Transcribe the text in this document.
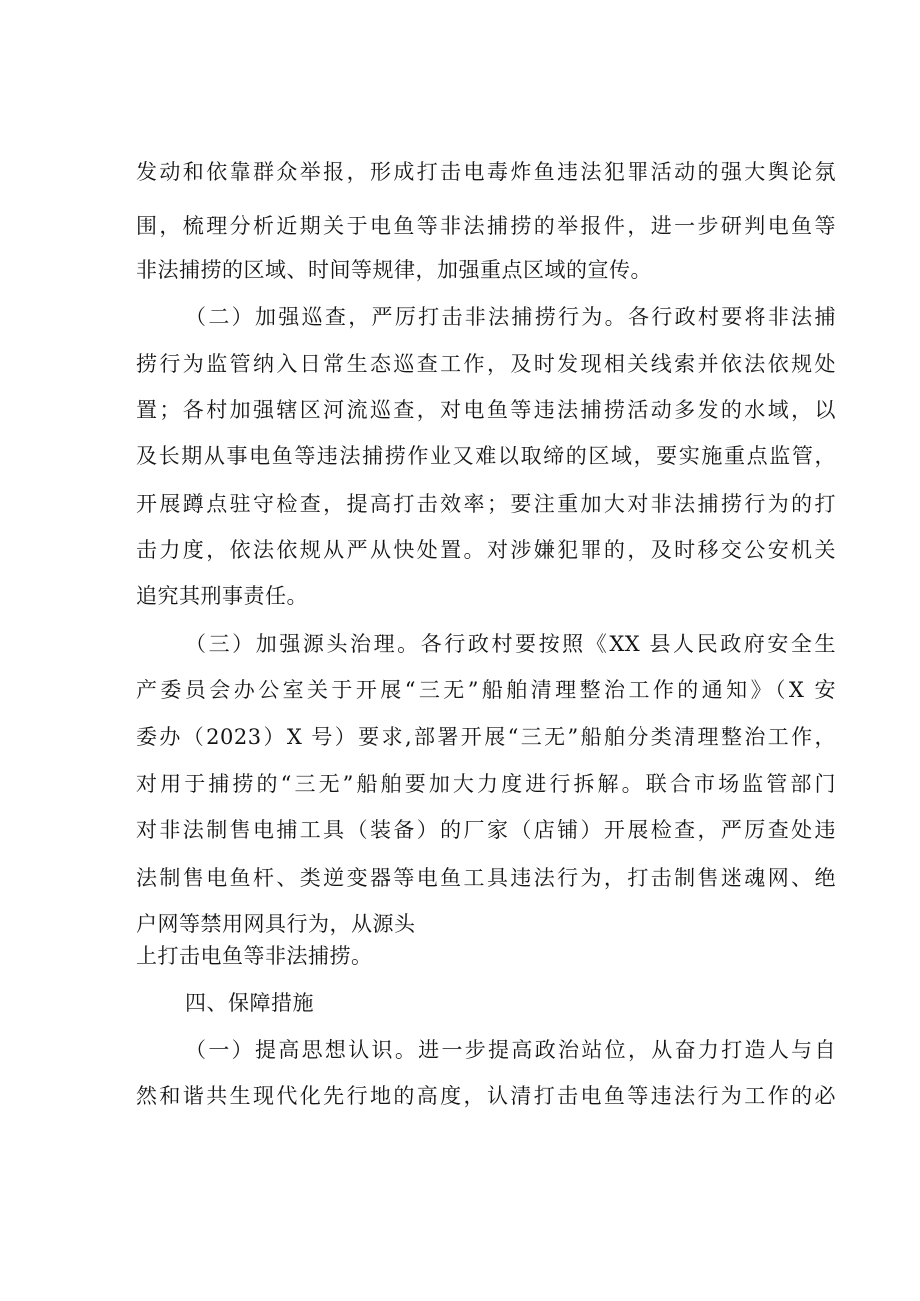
发动和依靠群众举报，形成打击电毒炸鱼违法犯罪活动的强大舆论氛
围，梳理分析近期关于电鱼等非法捕捞的举报件，进一步研判电鱼等
非法捕捞的区域、时间等规律，加强重点区域的宣传。
（二）加强巡查，严厉打击非法捕捞行为。各行政村要将非法捕
捞行为监管纳入日常生态巡查工作，及时发现相关线索并依法依规处
置；各村加强辖区河流巡查，对电鱼等违法捕捞活动多发的水域，以
及长期从事电鱼等违法捕捞作业又难以取缔的区域，要实施重点监管，
开展蹲点驻守检查，提高打击效率；要注重加大对非法捕捞行为的打
击力度，依法依规从严从快处置。对涉嫌犯罪的，及时移交公安机关
追究其刑事责任。
（三）加强源头治理。各行政村要按照《XX 县人民政府安全生
产委员会办公室关于开展“三无”船舶清理整治工作的通知》（X 安
委办（2023）X 号）要求,部署开展“三无”船舶分类清理整治工作，
对用于捕捞的“三无”船舶要加大力度进行拆解。联合市场监管部门
对非法制售电捕工具（装备）的厂家（店铺）开展检查，严厉查处违
法制售电鱼杆、类逆变器等电鱼工具违法行为，打击制售迷魂网、绝
户网等禁用网具行为，从源头
上打击电鱼等非法捕捞。
四、保障措施
（一）提高思想认识。进一步提高政治站位，从奋力打造人与自
然和谐共生现代化先行地的高度，认清打击电鱼等违法行为工作的必
